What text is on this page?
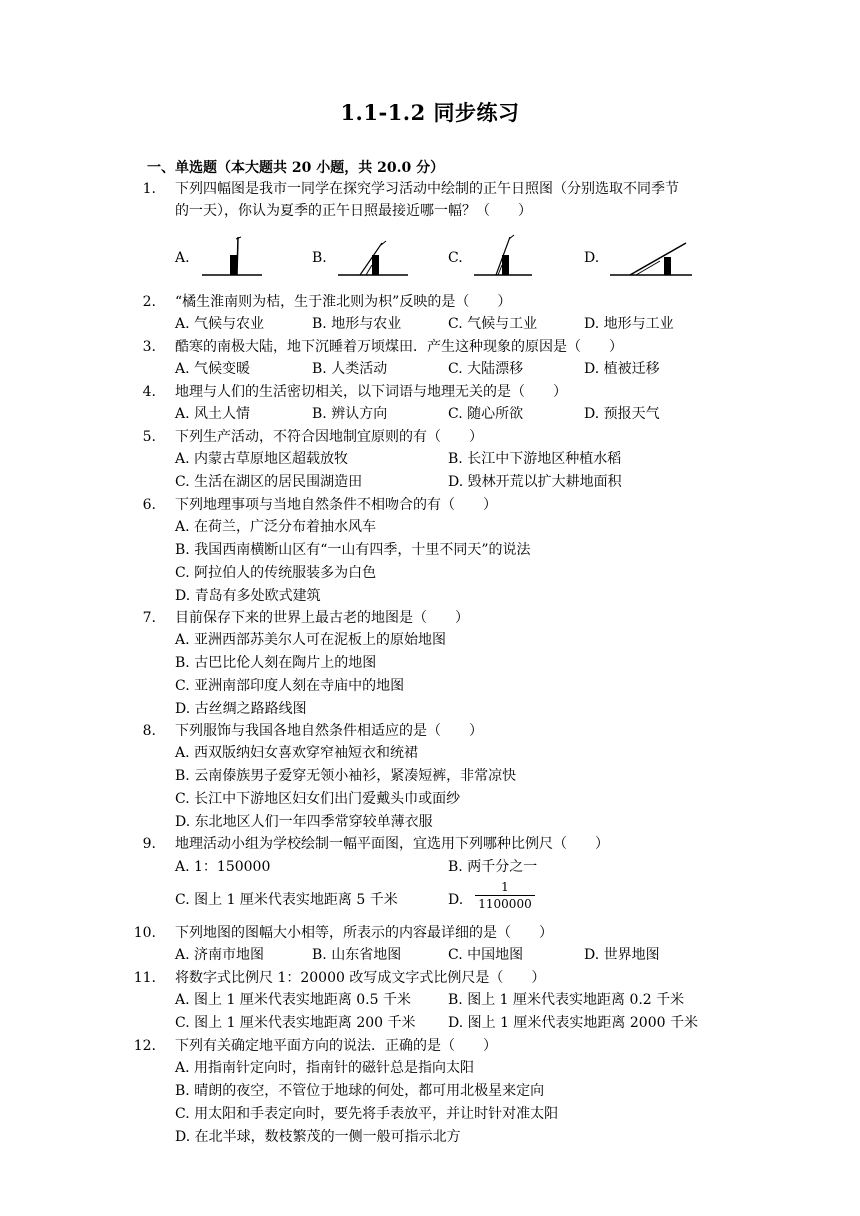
1.1-1.2 同步练习
一、单选题（本大题共 20 小题，共 20.0 分）
1. 下列四幅图是我市一同学在探究学习活动中绘制的正午日照图（分别选取不同季节
的一天），你认为夏季的正午日照最接近哪一幅？（　　）
A.	B.	C.	D.
2. “橘生淮南则为桔，生于淮北则为枳”反映的是（　　）
A. 气候与农业	B. 地形与农业	C. 气候与工业	D. 地形与工业
3. 酷寒的南极大陆，地下沉睡着万顷煤田．产生这种现象的原因是（　　）
A. 气候变暖	B. 人类活动	C. 大陆漂移	D. 植被迁移
4. 地理与人们的生活密切相关，以下词语与地理无关的是（　　）
A. 风土人情	B. 辨认方向	C. 随心所欲	D. 预报天气
5. 下列生产活动，不符合因地制宜原则的有（　　）
A. 内蒙古草原地区超载放牧	B. 长江中下游地区种植水稻
C. 生活在湖区的居民围湖造田	D. 毁林开荒以扩大耕地面积
6. 下列地理事项与当地自然条件不相吻合的有（　　）
A. 在荷兰，广泛分布着抽水风车
B. 我国西南横断山区有“一山有四季，十里不同天”的说法
C. 阿拉伯人的传统服装多为白色
D. 青岛有多处欧式建筑
7. 目前保存下来的世界上最古老的地图是（　　）
A. 亚洲西部苏美尔人可在泥板上的原始地图
B. 古巴比伦人刻在陶片上的地图
C. 亚洲南部印度人刻在寺庙中的地图
D. 古丝绸之路路线图
8. 下列服饰与我国各地自然条件相适应的是（　　）
A. 西双版纳妇女喜欢穿窄袖短衣和统裙
B. 云南傣族男子爱穿无领小袖衫，紧凑短裤，非常凉快
C. 长江中下游地区妇女们出门爱戴头巾或面纱
D. 东北地区人们一年四季常穿较单薄衣服
9. 地理活动小组为学校绘制一幅平面图，宜选用下列哪种比例尺（　　）
A. 1：150000	B. 两千分之一
C. 图上 1 厘米代表实地距离 5 千米	D.
1
1100000
10. 下列地图的图幅大小相等，所表示的内容最详细的是（　　）
A. 济南市地图	B. 山东省地图	C. 中国地图	D. 世界地图
11. 将数字式比例尺 1：20000 改写成文字式比例尺是（　　）
A. 图上 1 厘米代表实地距离 0.5 千米	B. 图上 1 厘米代表实地距离 0.2 千米
C. 图上 1 厘米代表实地距离 200 千米 D. 图上 1 厘米代表实地距离 2000 千米
12. 下列有关确定地平面方向的说法．正确的是（　　）
A. 用指南针定向时，指南针的磁针总是指向太阳
B. 晴朗的夜空，不管位于地球的何处，都可用北极星来定向
C. 用太阳和手表定向时，要先将手表放平，并让时针对准太阳
D. 在北半球，数枝繁茂的一侧一般可指示北方
